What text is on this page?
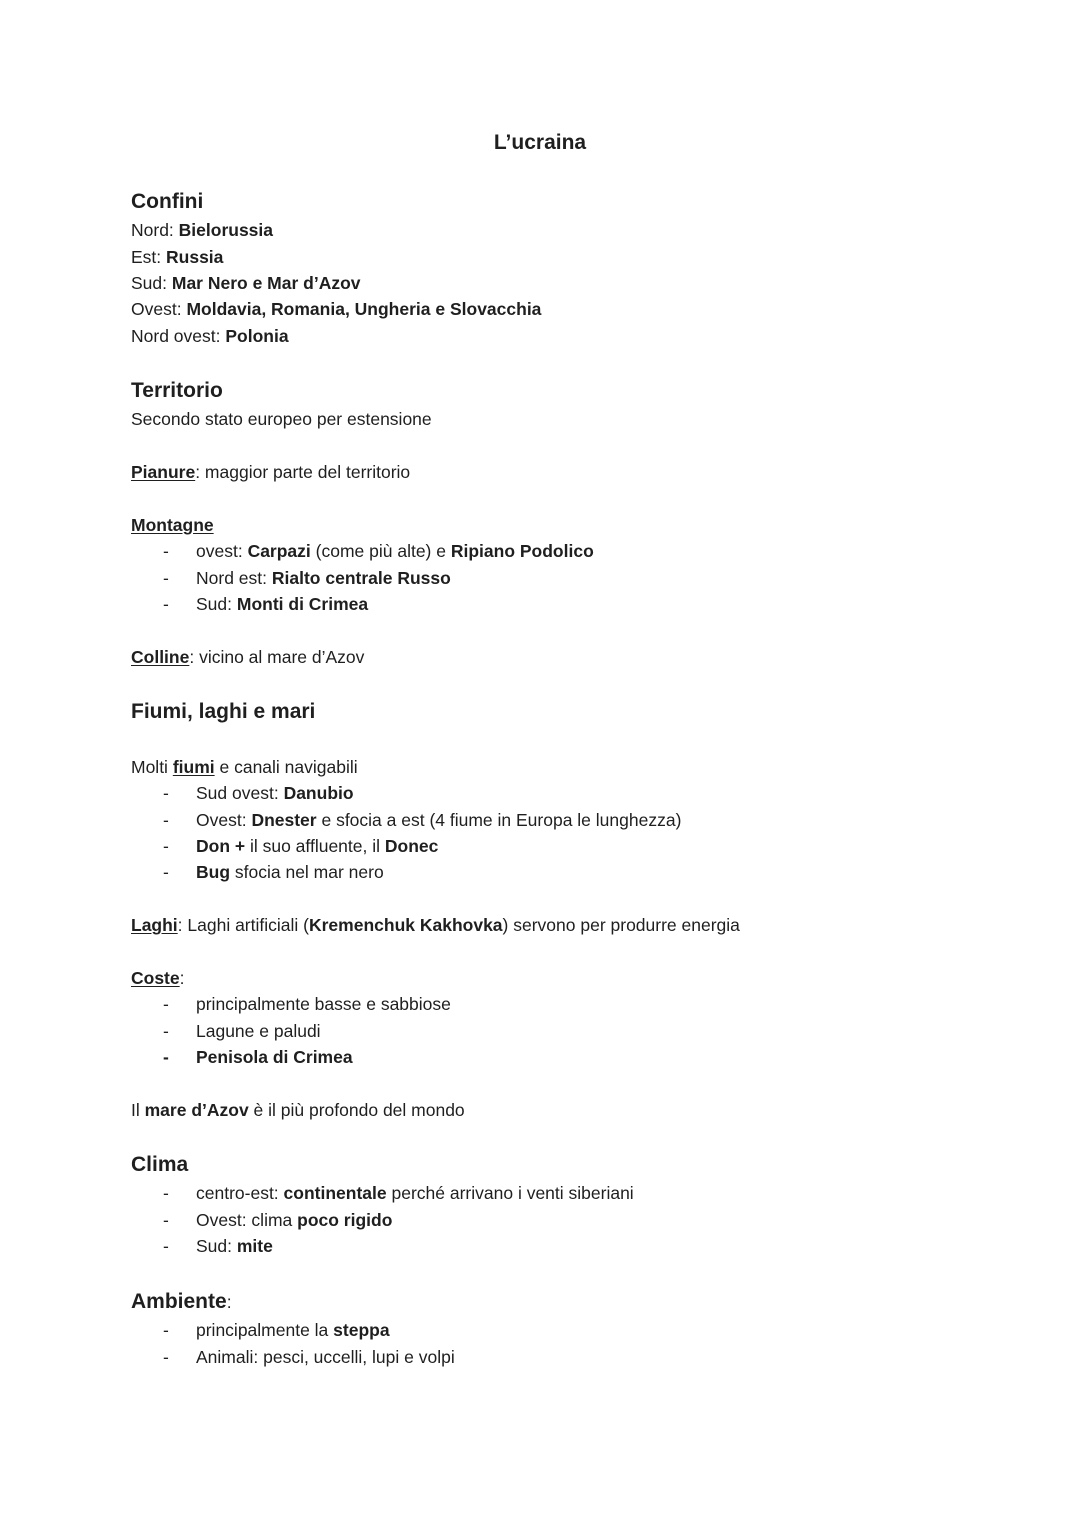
L’ucraina
Confini
Nord: Bielorussia
Est: Russia
Sud: Mar Nero e Mar d’Azov
Ovest: Moldavia, Romania, Ungheria e Slovacchia
Nord ovest: Polonia
Territorio
Secondo stato europeo per estensione
Pianure: maggior parte del territorio
Montagne
-	ovest: Carpazi (come più alte) e Ripiano Podolico
-	Nord est: Rialto centrale Russo
-	Sud: Monti di Crimea
Colline: vicino al mare d’Azov
Fiumi, laghi e mari
Molti fiumi e canali navigabili
-	Sud ovest: Danubio
-	Ovest: Dnester e sfocia a est (4 fiume in Europa le lunghezza)
-	Don + il suo affluente, il Donec
-	Bug sfocia nel mar nero
Laghi: Laghi artificiali (Kremenchuk Kakhovka) servono per produrre energia
Coste:
-	principalmente basse e sabbiose
-	Lagune e paludi
-	Penisola di Crimea
Il mare d’Azov è il più profondo del mondo
Clima
-	centro-est: continentale perché arrivano i venti siberiani
-	Ovest: clima poco rigido
-	Sud: mite
Ambiente:
-	principalmente la steppa
-	Animali: pesci, uccelli, lupi e volpi
